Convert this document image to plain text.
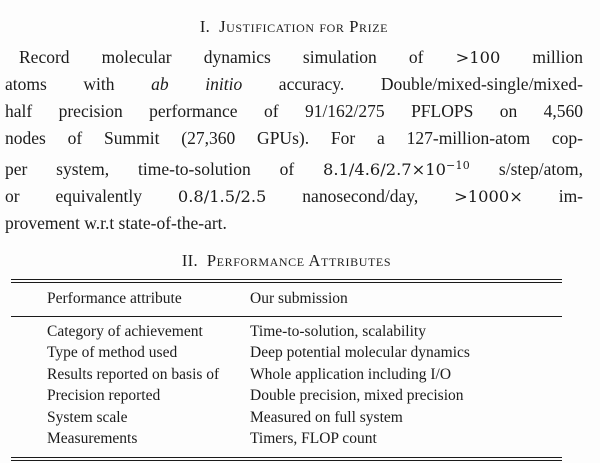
I. Justification for Prize
Record molecular dynamics simulation of >100 million
atoms with ab initio accuracy. Double/mixed-single/mixed-
half precision performance of 91/162/275 PFLOPS on 4,560
nodes of Summit (27,360 GPUs). For a 127-million-atom cop-
per system, time-to-solution of $8.1/4.6/2.7\times 10^{-10}$ s/step/atom,
or equivalently 0.8/1.5/2.5 nanosecond/day, >1000× im-
provement w.r.t state-of-the-art.
II. Performance Attributes
Performance attribute	Our submission
Category of achievement	Time-to-solution, scalability
Type of method used	Deep potential molecular dynamics
Results reported on basis of	Whole application including I/O
Precision reported	Double precision, mixed precision
System scale	Measured on full system
Measurements	Timers, FLOP count
